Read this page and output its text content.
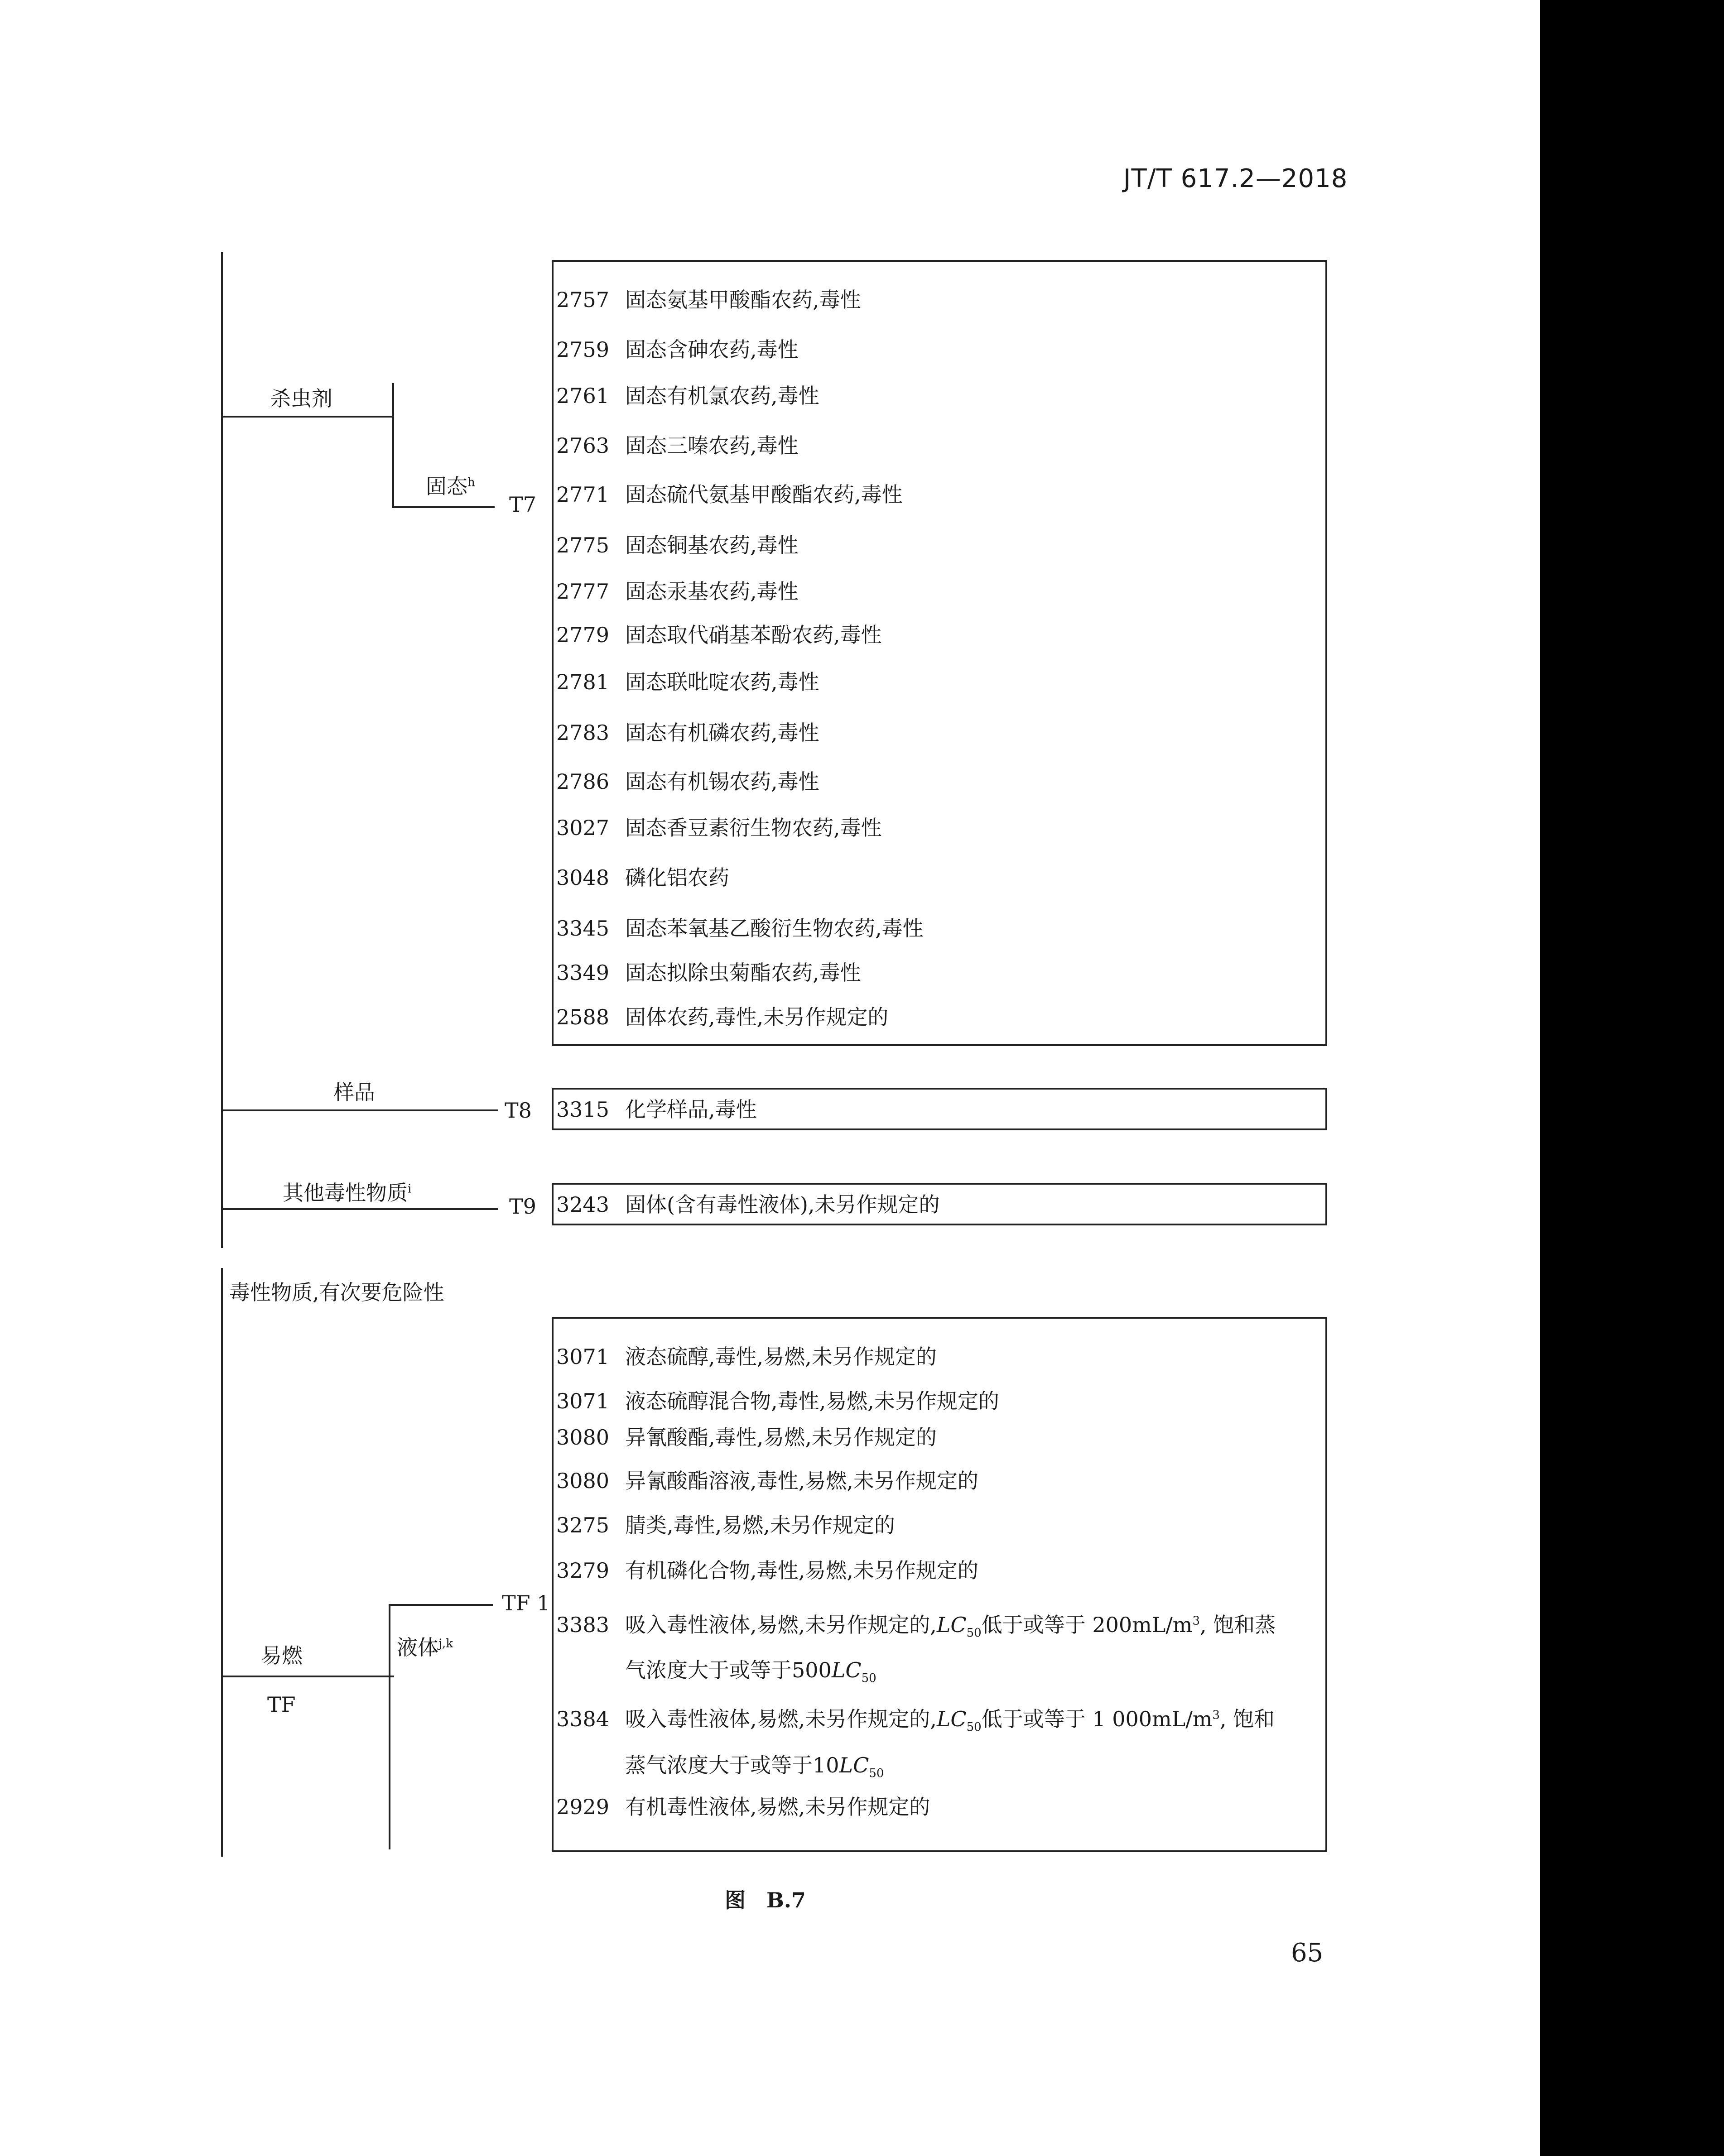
JT/T 617.2—2018
杀虫剂
固态$^h$
T7
2757 固态氨基甲酸酯农药,毒性
2759 固态含砷农药,毒性
2761 固态有机氯农药,毒性
2763 固态三嗪农药,毒性
2771 固态硫代氨基甲酸酯农药,毒性
2775 固态铜基农药,毒性
2777 固态汞基农药,毒性
2779 固态取代硝基苯酚农药,毒性
2781 固态联吡啶农药,毒性
2783 固态有机磷农药,毒性
2786 固态有机锡农药,毒性
3027 固态香豆素衍生物农药,毒性
3048 磷化铝农药
3345 固态苯氧基乙酸衍生物农药,毒性
3349 固态拟除虫菊酯农药,毒性
2588 固体农药,毒性,未另作规定的
样品
T8 3315 化学样品,毒性
其他毒性物质$^i$
T9 3243 固体(含有毒性液体),未另作规定的
毒性物质,有次要危险性
易燃
TF
TF 1
液体$^{j,k}$
3071 液态硫醇,毒性,易燃,未另作规定的
3071 液态硫醇混合物,毒性,易燃,未另作规定的
3080 异氰酸酯,毒性,易燃,未另作规定的
3080 异氰酸酯溶液,毒性,易燃,未另作规定的
3275 腈类,毒性,易燃,未另作规定的
3279 有机磷化合物,毒性,易燃,未另作规定的
3383 吸入毒性液体,易燃,未另作规定的$,LC_{50}$低于或等于 $200mL/m^3$, 饱和蒸
气浓度大于或等于$500LC_{50}$
3384 吸入毒性液体,易燃,未另作规定的$,LC_{50}$低于或等于 1 $000mL/m^3$, 饱和
蒸气浓度大于或等于$10LC_{50}$
2929 有机毒性液体,易燃,未另作规定的
图　B.7
65
